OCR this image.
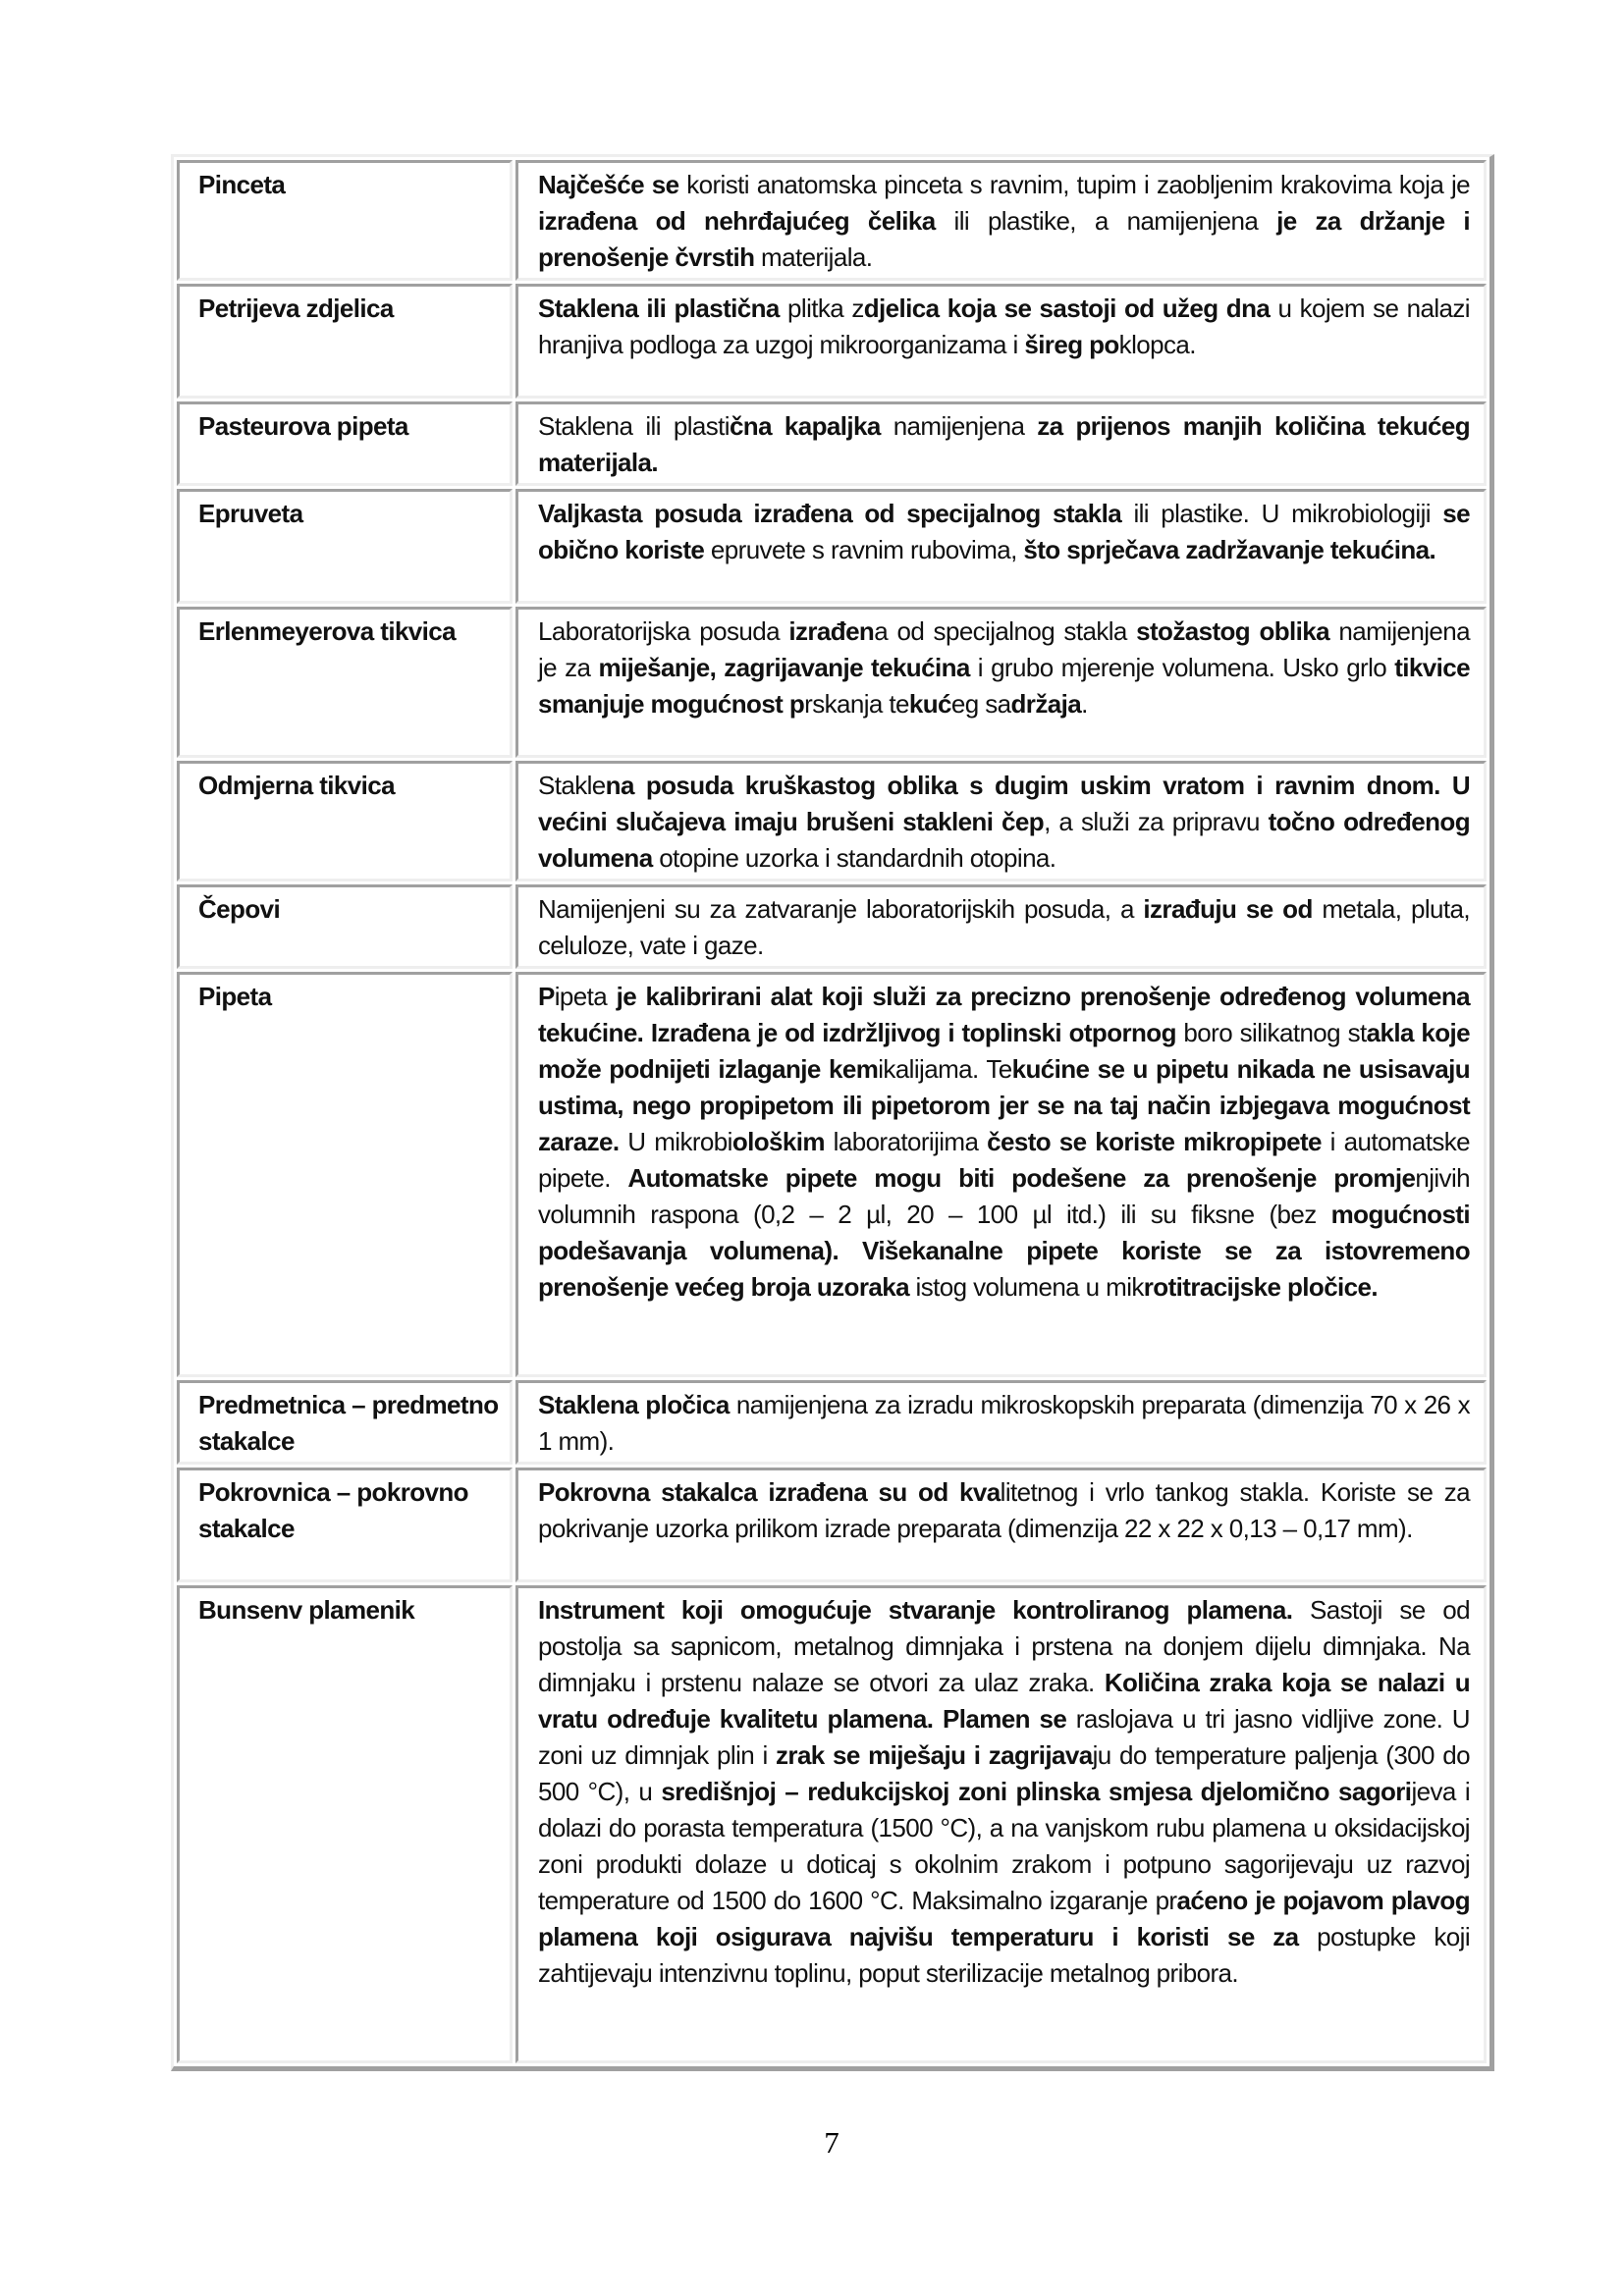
Pinceta	Najčešće se koristi anatomska pinceta s ravnim, tupim i zaobljenim krakovima koja je izrađena od nehrđajućeg čelika ili plastike, a namijenjena je za držanje i prenošenje čvrstih materijala.

Petrijeva zdjelica	Staklena ili plastična plitka zdjelica koja se sastoji od užeg dna u kojem se nalazi hranjiva podloga za uzgoj mikroorganizama i šireg poklopca.

Pasteurova pipeta	Staklena ili plastična kapaljka namijenjena za prijenos manjih količina tekućeg materijala.

Epruveta	Valjkasta posuda izrađena od specijalnog stakla ili plastike. U mikrobiologiji se obično koriste epruvete s ravnim rubovima, što sprječava zadržavanje tekućina.

Erlenmeyerova tikvica	Laboratorijska posuda izrađena od specijalnog stakla stožastog oblika namijenjena je za miješanje, zagrijavanje tekućina i grubo mjerenje volumena. Usko grlo tikvice smanjuje mogućnost prskanja tekućeg sadržaja.

Odmjerna tikvica	Staklena posuda kruškastog oblika s dugim uskim vratom i ravnim dnom. U većini slučajeva imaju brušeni stakleni čep, a služi za pripravu točno određenog volumena otopine uzorka i standardnih otopina.

Čepovi	Namijenjeni su za zatvaranje laboratorijskih posuda, a izrađuju se od metala, pluta, celuloze, vate i gaze.

Pipeta	Pipeta je kalibrirani alat koji služi za precizno prenošenje određenog volumena tekućine. Izrađena je od izdržljivog i toplinski otpornog boro silikatnog stakla koje može podnijeti izlaganje kemikalijama. Tekućine se u pipetu nikada ne usisavaju ustima, nego propipetom ili pipetorom jer se na taj način izbjegava mogućnost zaraze. U mikrobiološkim laboratorijima često se koriste mikropipete i automatske pipete. Automatske pipete mogu biti podešene za prenošenje promjenjivih volumnih raspona (0,2 – 2 µl, 20 – 100 µl itd.) ili su fiksne (bez mogućnosti podešavanja volumena). Višekanalne pipete koriste se za istovremeno prenošenje većeg broja uzoraka istog volumena u mikrotitracijske pločice.

Predmetnica – predmetno stakalce	Staklena pločica namijenjena za izradu mikroskopskih preparata (dimenzija 70 x 26 x 1 mm).

Pokrovnica – pokrovno stakalce	Pokrovna stakalca izrađena su od kvalitetnog i vrlo tankog stakla. Koriste se za pokrivanje uzorka prilikom izrade preparata (dimenzija 22 x 22 x 0,13 – 0,17 mm).

Bunsenv plamenik	Instrument koji omogućuje stvaranje kontroliranog plamena. Sastoji se od postolja sa sapnicom, metalnog dimnjaka i prstena na donjem dijelu dimnjaka. Na dimnjaku i prstenu nalaze se otvori za ulaz zraka. Količina zraka koja se nalazi u vratu određuje kvalitetu plamena. Plamen se raslojava u tri jasno vidljive zone. U zoni uz dimnjak plin i zrak se miješaju i zagrijavaju do temperature paljenja (300 do 500 °C), u središnjoj – redukcijskoj zoni plinska smjesa djelomično sagorijeva i dolazi do porasta temperatura (1500 °C), a na vanjskom rubu plamena u oksidacijskoj zoni produkti dolaze u doticaj s okolnim zrakom i potpuno sagorijevaju uz razvoj temperature od 1500 do 1600 °C. Maksimalno izgaranje praćeno je pojavom plavog plamena koji osigurava najvišu temperaturu i koristi se za postupke koji zahtijevaju intenzivnu toplinu, poput sterilizacije metalnog pribora.
7
